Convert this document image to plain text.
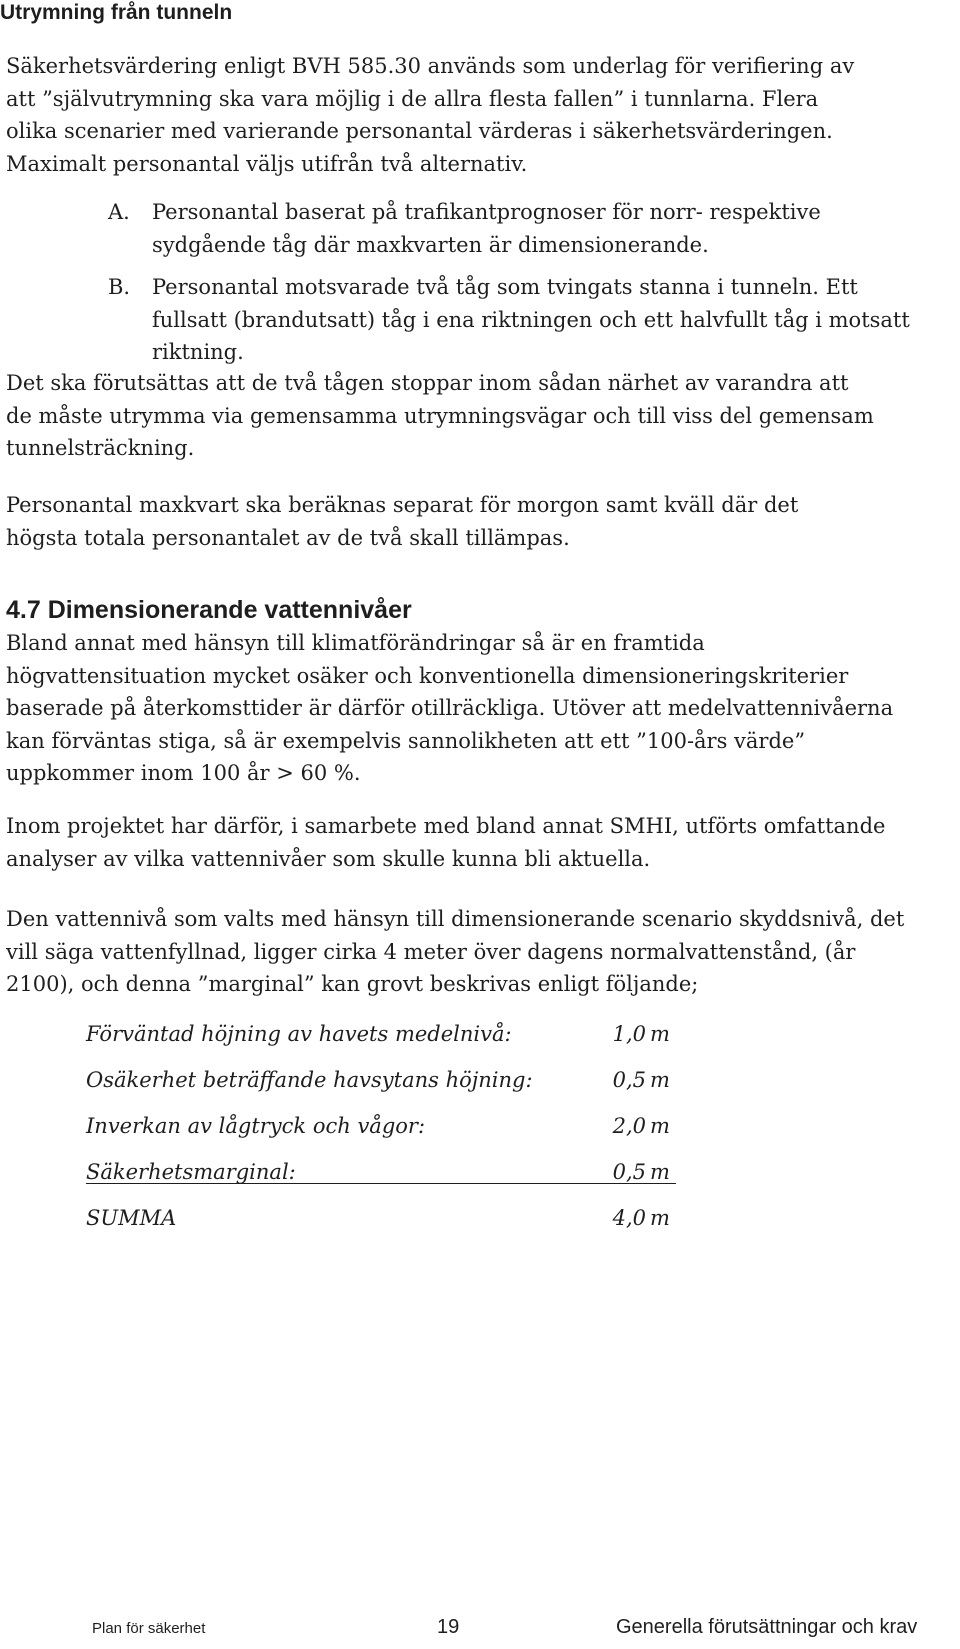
Utrymning från tunneln

Säkerhetsvärdering enligt BVH 585.30 används som underlag för verifiering av att ”självutrymning ska vara möjlig i de allra flesta fallen” i tunnlarna. Flera olika scenarier med varierande personantal värderas i säkerhetsvärderingen. Maximalt personantal väljs utifrån två alternativ.

A. Personantal baserat på trafikantprognoser för norr- respektive sydgående tåg där maxkvarten är dimensionerande.
B. Personantal motsvarade två tåg som tvingats stanna i tunneln. Ett fullsatt (brandutsatt) tåg i ena riktningen och ett halvfullt tåg i motsatt riktning.

Det ska förutsättas att de två tågen stoppar inom sådan närhet av varandra att de måste utrymma via gemensamma utrymningsvägar och till viss del gemensam tunnelsträckning.

Personantal maxkvart ska beräknas separat för morgon samt kväll där det högsta totala personantalet av de två skall tillämpas.

4.7 Dimensionerande vattennivåer

Bland annat med hänsyn till klimatförändringar så är en framtida högvattensituation mycket osäker och konventionella dimensioneringskriterier baserade på återkomsttider är därför otillräckliga. Utöver att medelvattennivåerna kan förväntas stiga, så är exempelvis sannolikheten att ett ”100-års värde” uppkommer inom 100 år > 60 %.

Inom projektet har därför, i samarbete med bland annat SMHI, utförts omfattande analyser av vilka vattennivåer som skulle kunna bli aktuella.

Den vattennivå som valts med hänsyn till dimensionerande scenario skyddsnivå, det vill säga vattenfyllnad, ligger cirka 4 meter över dagens normalvattenstånd, (år 2100), och denna ”marginal” kan grovt beskrivas enligt följande;

Förväntad höjning av havets medelnivå:	1,0 m
Osäkerhet beträffande havsytans höjning:	0,5 m
Inverkan av lågtryck och vågor:	2,0 m
Säkerhetsmarginal:	0,5 m
SUMMA	4,0 m
Plan för säkerhet	19	Generella förutsättningar och krav
